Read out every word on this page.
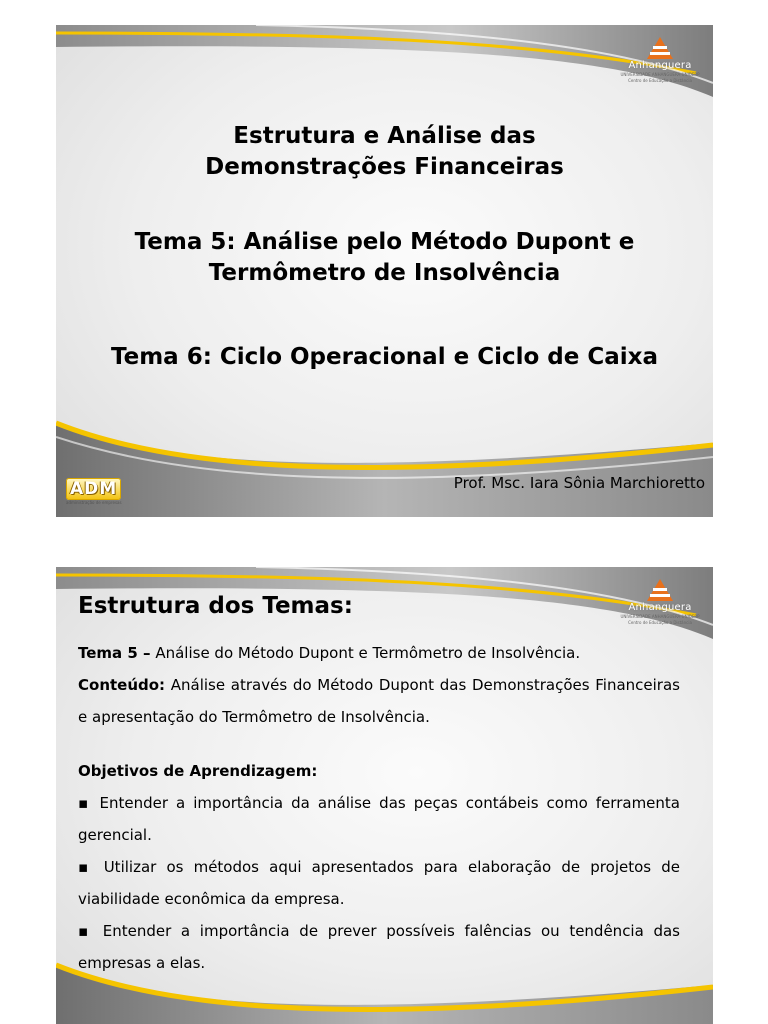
Anhanguera
UNIVERSIDADE ANHANGUERA-UNIDERP
Centro de Educação a Distância
Estrutura e Análise das
Demonstrações Financeiras
Tema 5: Análise pelo Método Dupont e
Termômetro de Insolvência
Tema 6: Ciclo Operacional e Ciclo de Caixa
Prof. Msc. Iara Sônia Marchioretto
ADM
administração de empresas
Anhanguera
UNIVERSIDADE ANHANGUERA-UNIDERP
Centro de Educação a Distância
Estrutura dos Temas:

Tema 5 – Análise do Método Dupont e Termômetro de Insolvência.

Conteúdo: Análise através do Método Dupont das Demonstrações Financeiras e apresentação do Termômetro de Insolvência.

Objetivos de Aprendizagem:

▪ Entender a importância da análise das peças contábeis como ferramenta gerencial.

▪ Utilizar os métodos aqui apresentados para elaboração de projetos de viabilidade econômica da empresa.

▪ Entender a importância de prever possíveis falências ou tendência das empresas a elas.
